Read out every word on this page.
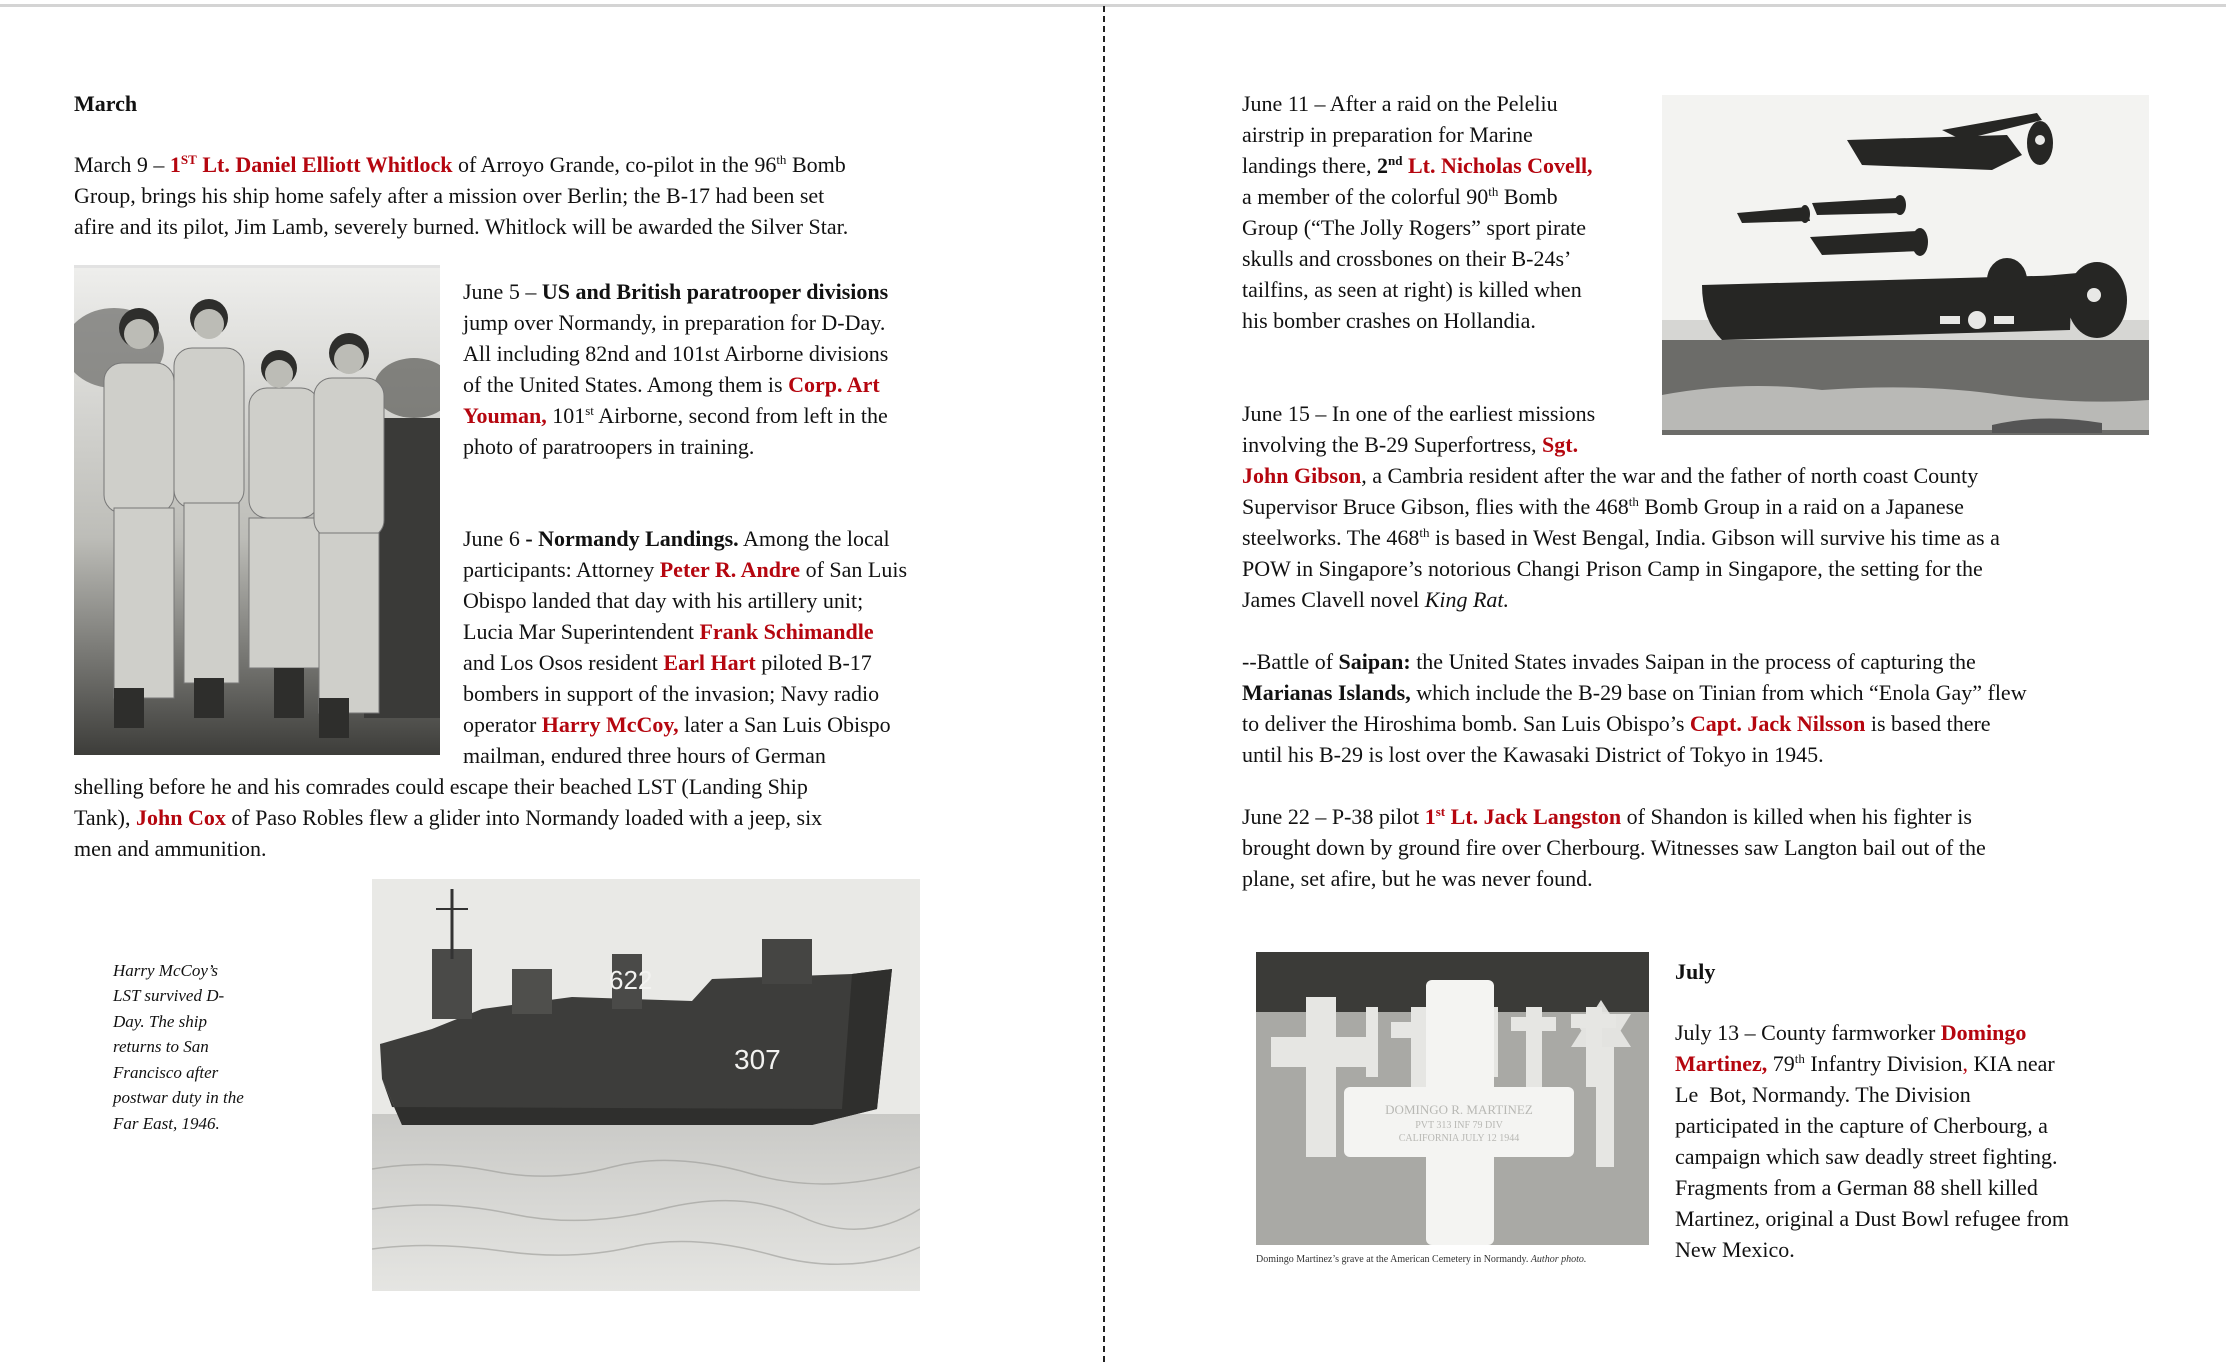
March
March 9 – 1ST Lt. Daniel Elliott Whitlock of Arroyo Grande, co-pilot in the 96th Bomb
Group, brings his ship home safely after a mission over Berlin; the B-17 had been set
afire and its pilot, Jim Lamb, severely burned. Whitlock will be awarded the Silver Star.
June 5 – US and British paratrooper divisions
jump over Normandy, in preparation for D-Day.
All including 82nd and 101st Airborne divisions
of the United States. Among them is Corp. Art
Youman, 101st Airborne, second from left in the
photo of paratroopers in training.
June 6 - Normandy Landings. Among the local
participants: Attorney Peter R. Andre of San Luis
Obispo landed that day with his artillery unit;
Lucia Mar Superintendent Frank Schimandle
and Los Osos resident Earl Hart piloted B-17
bombers in support of the invasion; Navy radio
operator Harry McCoy, later a San Luis Obispo
mailman, endured three hours of German
shelling before he and his comrades could escape their beached LST (Landing Ship
Tank), John Cox of Paso Robles flew a glider into Normandy loaded with a jeep, six
men and ammunition.
Harry McCoy’s
LST survived D-
Day. The ship
returns to San
Francisco after
postwar duty in the
Far East, 1946.
622
307
June 11 – After a raid on the Peleliu
airstrip in preparation for Marine
landings there, 2nd Lt. Nicholas Covell,
a member of the colorful 90th Bomb
Group (“The Jolly Rogers” sport pirate
skulls and crossbones on their B-24s’
tailfins, as seen at right) is killed when
his bomber crashes on Hollandia.
June 15 – In one of the earliest missions
involving the B-29 Superfortress, Sgt.
John Gibson, a Cambria resident after the war and the father of north coast County
Supervisor Bruce Gibson, flies with the 468th Bomb Group in a raid on a Japanese
steelworks. The 468th is based in West Bengal, India. Gibson will survive his time as a
POW in Singapore’s notorious Changi Prison Camp in Singapore, the setting for the
James Clavell novel King Rat.
--Battle of Saipan: the United States invades Saipan in the process of capturing the
Marianas Islands, which include the B-29 base on Tinian from which “Enola Gay” flew
to deliver the Hiroshima bomb. San Luis Obispo’s Capt. Jack Nilsson is based there
until his B-29 is lost over the Kawasaki District of Tokyo in 1945.
June 22 – P-38 pilot 1st Lt. Jack Langston of Shandon is killed when his fighter is
brought down by ground fire over Cherbourg. Witnesses saw Langton bail out of the
plane, set afire, but he was never found.
DOMINGO R. MARTINEZ
PVT 313 INF 79 DIV
CALIFORNIA JULY 12 1944
Domingo Martinez’s grave at the American Cemetery in Normandy. Author photo.
July
July 13 – County farmworker Domingo
Martinez, 79th Infantry Division, KIA near
Le  Bot, Normandy. The Division
participated in the capture of Cherbourg, a
campaign which saw deadly street fighting.
Fragments from a German 88 shell killed
Martinez, original a Dust Bowl refugee from
New Mexico.
